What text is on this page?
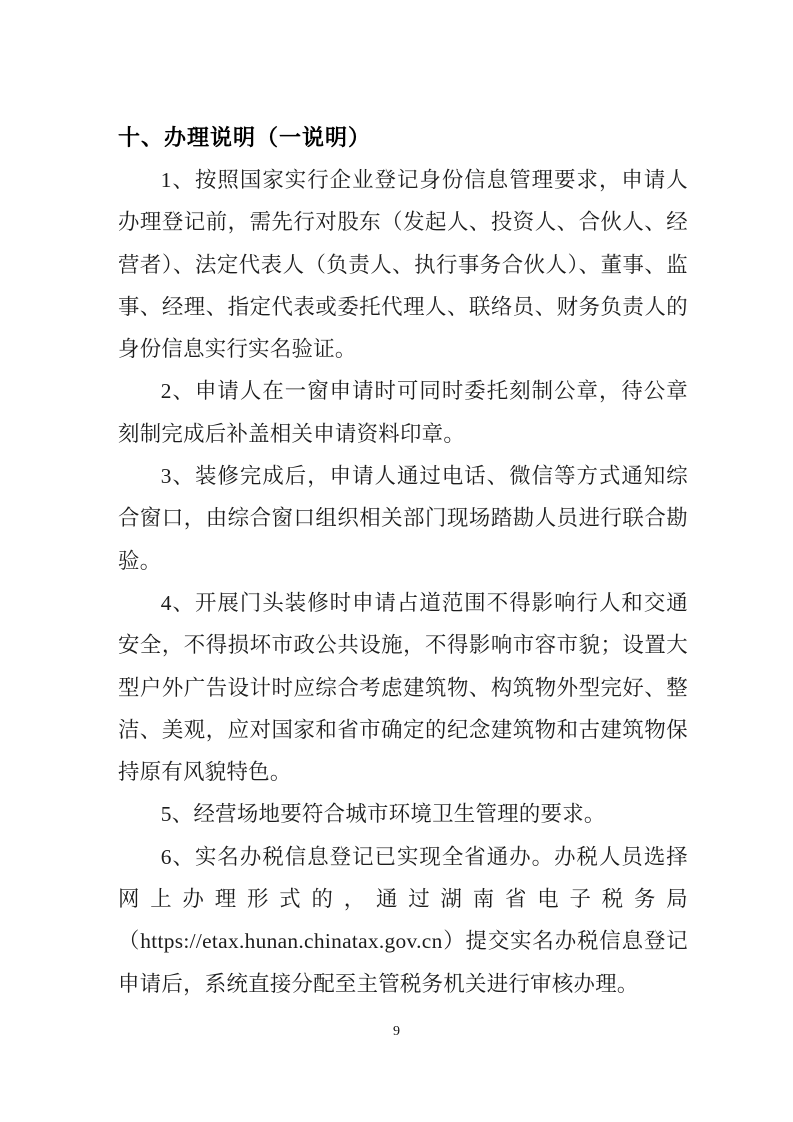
十、办理说明（一说明）

1、按照国家实行企业登记身份信息管理要求，申请人办理登记前，需先行对股东（发起人、投资人、合伙人、经营者）、法定代表人（负责人、执行事务合伙人）、董事、监事、经理、指定代表或委托代理人、联络员、财务负责人的身份信息实行实名验证。

2、申请人在一窗申请时可同时委托刻制公章，待公章刻制完成后补盖相关申请资料印章。

3、装修完成后，申请人通过电话、微信等方式通知综合窗口，由综合窗口组织相关部门现场踏勘人员进行联合勘验。

4、开展门头装修时申请占道范围不得影响行人和交通安全，不得损坏市政公共设施，不得影响市容市貌；设置大型户外广告设计时应综合考虑建筑物、构筑物外型完好、整洁、美观，应对国家和省市确定的纪念建筑物和古建筑物保持原有风貌特色。

5、经营场地要符合城市环境卫生管理的要求。

6、实名办税信息登记已实现全省通办。办税人员选择网上办理形式的，通过湖南省电子税务局（https://etax.hunan.chinatax.gov.cn）提交实名办税信息登记申请后，系统直接分配至主管税务机关进行审核办理。

9
